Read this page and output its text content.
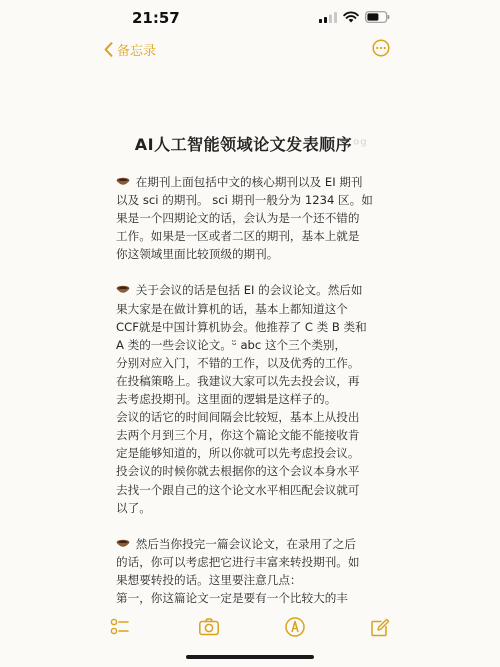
21:57
备忘录
AI人工智能领域论文发表顺序ᵒᵍ
在期刊上面包括中文的核心期刊以及 EI 期刊
以及 sci 的期刊。 sci 期刊一般分为 1234 区。如
果是一个四期论文的话，会认为是一个还不错的
工作。如果是一区或者二区的期刊，基本上就是
你这领域里面比较顶级的期刊。
关于会议的话是包括 EI 的会议论文。然后如
果大家是在做计算机的话，基本上都知道这个
CCF就是中国计算机协会。他推荐了 C 类 B 类和
A 类的一些会议论文。ᵕ̈ abc 这个三个类别，
分别对应入门，不错的工作，以及优秀的工作。
在投稿策略上。我建议大家可以先去投会议，再
去考虑投期刊。这里面的逻辑是这样子的。
会议的话它的时间间隔会比较短，基本上从投出
去两个月到三个月，你这个篇论文能不能接收肯
定是能够知道的，所以你就可以先考虑投会议。
投会议的时候你就去根据你的这个会议本身水平
去找一个跟自己的这个论文水平相匹配会议就可
以了。
然后当你投完一篇会议论文，在录用了之后
的话，你可以考虑把它进行丰富来转投期刊。如
果想要转投的话。这里要注意几点：
第一，你这篇论文一定是要有一个比较大的丰
